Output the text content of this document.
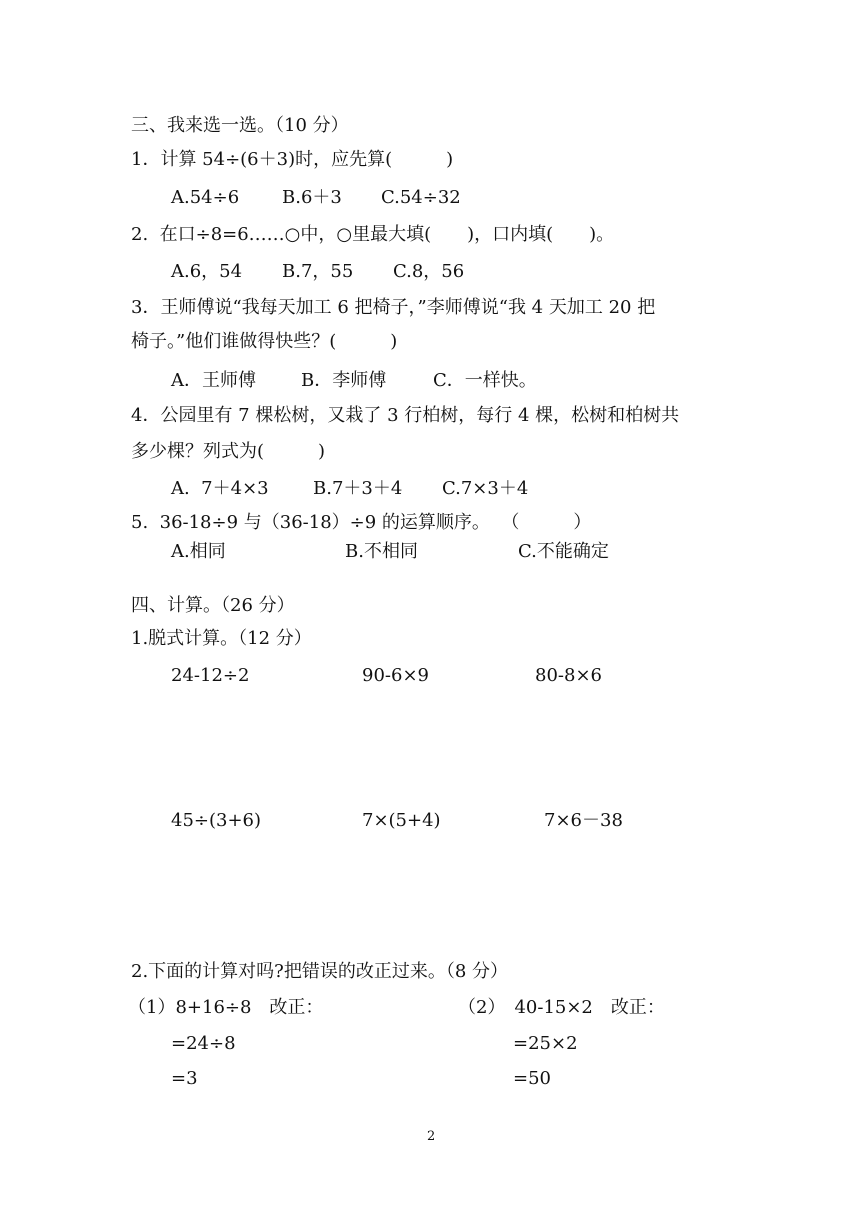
三、我来选一选。（10 分）
1．计算 54÷(6＋3)时，应先算(　　　)
A.54÷6 B.6＋3 C.54÷32
2.  在口÷8=6……○中，○里最大填(　　)，口内填(　　)。
A.6，54 B.7，55 C.8，56
3．王师傅说“我每天加工 6 把椅子，”李师傅说“我 4 天加工 20 把
椅子。”他们谁做得快些？(　　　)
A．王师傅	B．李师傅	C．一样快。
4．公园里有 7 棵松树，又栽了 3 行柏树，每行 4 棵，松树和柏树共
多少棵？列式为(　　　)
A.  7＋4×3 B.7＋3＋4 C.7×3＋4
5.  36-18÷9 与（36-18）÷9 的运算顺序。  （　　　）
A.相同	B.不相同	C.不能确定
四、计算。（26 分）
1.脱式计算。（12 分）
24-12÷2	90-6×9	80-8×6
45÷(3+6)	7×(5+4)	7×6－38
2.下面的计算对吗?把错误的改正过来。（8 分）
（1）8+16÷8　改正：
=24÷8
=3
（2）　40-15×2　改正：
=25×2
=50
2
